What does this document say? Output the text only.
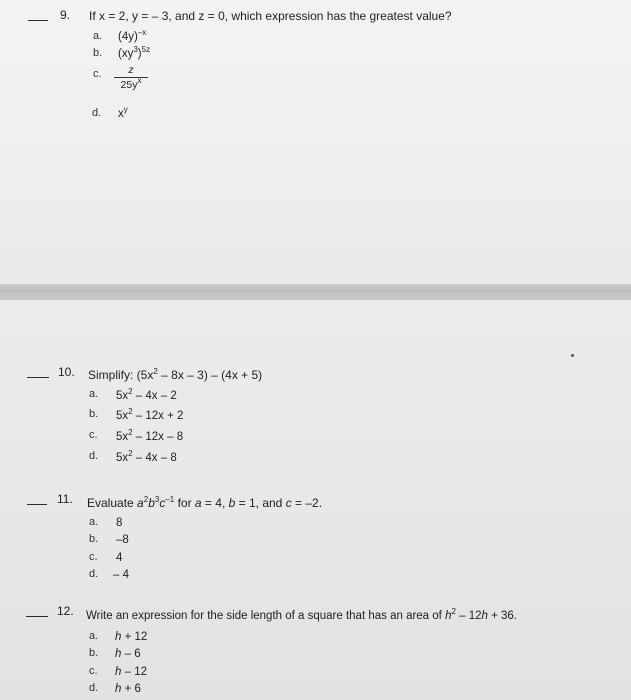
9. If x = 2, y = – 3, and z = 0, which expression has the greatest value?
a. $(4y)^{-x}$
b. $(xy^3)^{5z}$
c.	z
$25y^x$
d. $x^y$
10. Simplify: $(5x^2 - 8x - 3) - (4x + 5)$
a. $5x^2 - 4x - 2$
b. $5x^2 - 12x + 2$
c. $5x^2 - 12x - 8$
d. $5x^2 - 4x - 8$
11. Evaluate $a^2b^3c^{-1}$ for a = 4, b = 1, and c = –2.
a. 8
b. –8
c. 4
d. – 4
12. Write an expression for the side length of a square that has an area of $h^2 - 12h + 36$.
a. h + 12
b. h – 6
c. h – 12
d. h + 6
